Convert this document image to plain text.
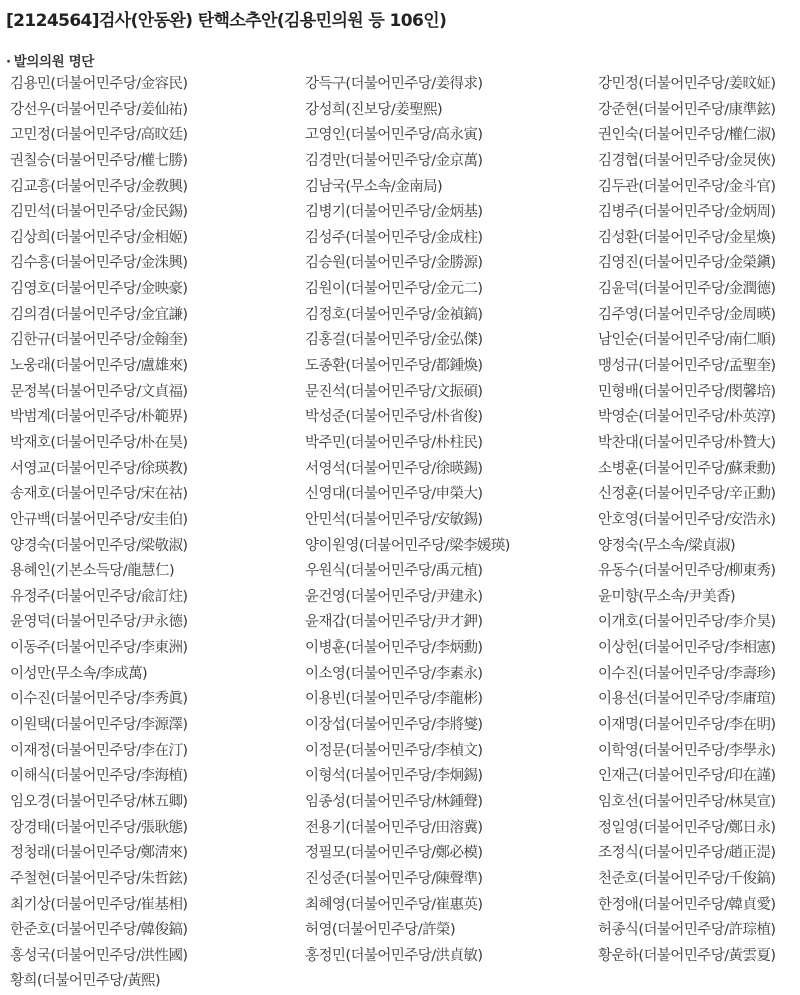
[2124564]검사(안동완) 탄핵소추안(김용민의원 등 106인)
· 발의의원 명단
김용민(더불어민주당/金容民)	강득구(더불어민주당/姜得求)	강민정(더불어민주당/姜旼姃)
강선우(더불어민주당/姜仙祐)	강성희(진보당/姜聖熙)	강준현(더불어민주당/康準鉉)
고민정(더불어민주당/高旼廷)	고영인(더불어민주당/高永寅)	권인숙(더불어민주당/權仁淑)
권칠승(더불어민주당/權七勝)	김경만(더불어민주당/金京萬)	김경협(더불어민주당/金炅俠)
김교흥(더불어민주당/金敎興)	김남국(무소속/金南局)	김두관(더불어민주당/金斗官)
김민석(더불어민주당/金民錫)	김병기(더불어민주당/金炳基)	김병주(더불어민주당/金炳周)
김상희(더불어민주당/金相姬)	김성주(더불어민주당/金成柱)	김성환(더불어민주당/金星煥)
김수흥(더불어민주당/金洙興)	김승원(더불어민주당/金勝源)	김영진(더불어민주당/金榮鎭)
김영호(더불어민주당/金映豪)	김원이(더불어민주당/金元二)	김윤덕(더불어민주당/金潤德)
김의겸(더불어민주당/金宜謙)	김정호(더불어민주당/金禎鎬)	김주영(더불어민주당/金周暎)
김한규(더불어민주당/金翰奎)	김홍걸(더불어민주당/金弘傑)	남인순(더불어민주당/南仁順)
노웅래(더불어민주당/盧雄來)	도종환(더불어민주당/都鍾煥)	맹성규(더불어민주당/孟聖奎)
문정복(더불어민주당/文貞福)	문진석(더불어민주당/文振碩)	민형배(더불어민주당/閔馨培)
박범계(더불어민주당/朴範界)	박성준(더불어민주당/朴省俊)	박영순(더불어민주당/朴英淳)
박재호(더불어민주당/朴在昊)	박주민(더불어민주당/朴柱民)	박찬대(더불어민주당/朴贊大)
서영교(더불어민주당/徐瑛教)	서영석(더불어민주당/徐暎錫)	소병훈(더불어민주당/蘇秉勳)
송재호(더불어민주당/宋在祜)	신영대(더불어민주당/申榮大)	신정훈(더불어민주당/辛正勳)
안규백(더불어민주당/安圭伯)	안민석(더불어민주당/安敏錫)	안호영(더불어민주당/安浩永)
양경숙(더불어민주당/梁敬淑)	양이원영(더불어민주당/梁李媛瑛)	양정숙(무소속/梁貞淑)
용혜인(기본소득당/龍慧仁)	우원식(더불어민주당/禹元植)	유동수(더불어민주당/柳東秀)
유정주(더불어민주당/兪訂炷)	윤건영(더불어민주당/尹建永)	윤미향(무소속/尹美香)
윤영덕(더불어민주당/尹永德)	윤재갑(더불어민주당/尹才鉀)	이개호(더불어민주당/李介昊)
이동주(더불어민주당/李東洲)	이병훈(더불어민주당/李炳勳)	이상헌(더불어민주당/李相憲)
이성만(무소속/李成萬)	이소영(더불어민주당/李素永)	이수진(더불어민주당/李壽珍)
이수진(더불어민주당/李秀眞)	이용빈(더불어민주당/李龍彬)	이용선(더불어민주당/李庸瑄)
이원택(더불어민주당/李源澤)	이장섭(더불어민주당/李將燮)	이재명(더불어민주당/李在明)
이재정(더불어민주당/李在汀)	이정문(더불어민주당/李楨文)	이학영(더불어민주당/李學永)
이해식(더불어민주당/李海植)	이형석(더불어민주당/李炯錫)	인재근(더불어민주당/印在謹)
임오경(더불어민주당/林五卿)	임종성(더불어민주당/林鍾聲)	임호선(더불어민주당/林昊宣)
장경태(더불어민주당/張耿態)	전용기(더불어민주당/田溶冀)	정일영(더불어민주당/鄭日永)
정청래(더불어민주당/鄭淸來)	정필모(더불어민주당/鄭必模)	조정식(더불어민주당/趙正湜)
주철현(더불어민주당/朱哲鉉)	진성준(더불어민주당/陳聲準)	천준호(더불어민주당/千俊鎬)
최기상(더불어민주당/崔基相)	최혜영(더불어민주당/崔惠英)	한정애(더불어민주당/韓貞愛)
한준호(더불어민주당/韓俊鎬)	허영(더불어민주당/許榮)	허종식(더불어민주당/許琮植)
홍성국(더불어민주당/洪性國)	홍정민(더불어민주당/洪貞敏)	황운하(더불어민주당/黃雲夏)
황희(더불어민주당/黃熙)
